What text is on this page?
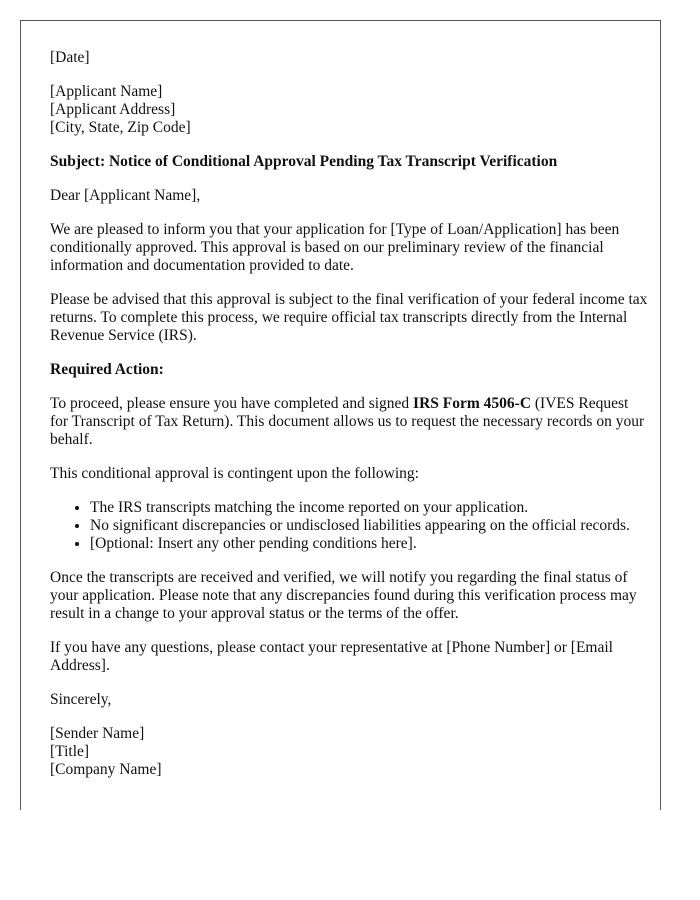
[Date]

[Applicant Name]
[Applicant Address]
[City, State, Zip Code]

Subject: Notice of Conditional Approval Pending Tax Transcript Verification

Dear [Applicant Name],

We are pleased to inform you that your application for [Type of Loan/Application] has been conditionally approved. This approval is based on our preliminary review of the financial information and documentation provided to date.

Please be advised that this approval is subject to the final verification of your federal income tax returns. To complete this process, we require official tax transcripts directly from the Internal Revenue Service (IRS).

Required Action:

To proceed, please ensure you have completed and signed IRS Form 4506-C (IVES Request for Transcript of Tax Return). This document allows us to request the necessary records on your behalf.

This conditional approval is contingent upon the following:

• The IRS transcripts matching the income reported on your application.
• No significant discrepancies or undisclosed liabilities appearing on the official records.
• [Optional: Insert any other pending conditions here].

Once the transcripts are received and verified, we will notify you regarding the final status of your application. Please note that any discrepancies found during this verification process may result in a change to your approval status or the terms of the offer.

If you have any questions, please contact your representative at [Phone Number] or [Email Address].

Sincerely,

[Sender Name]
[Title]
[Company Name]
